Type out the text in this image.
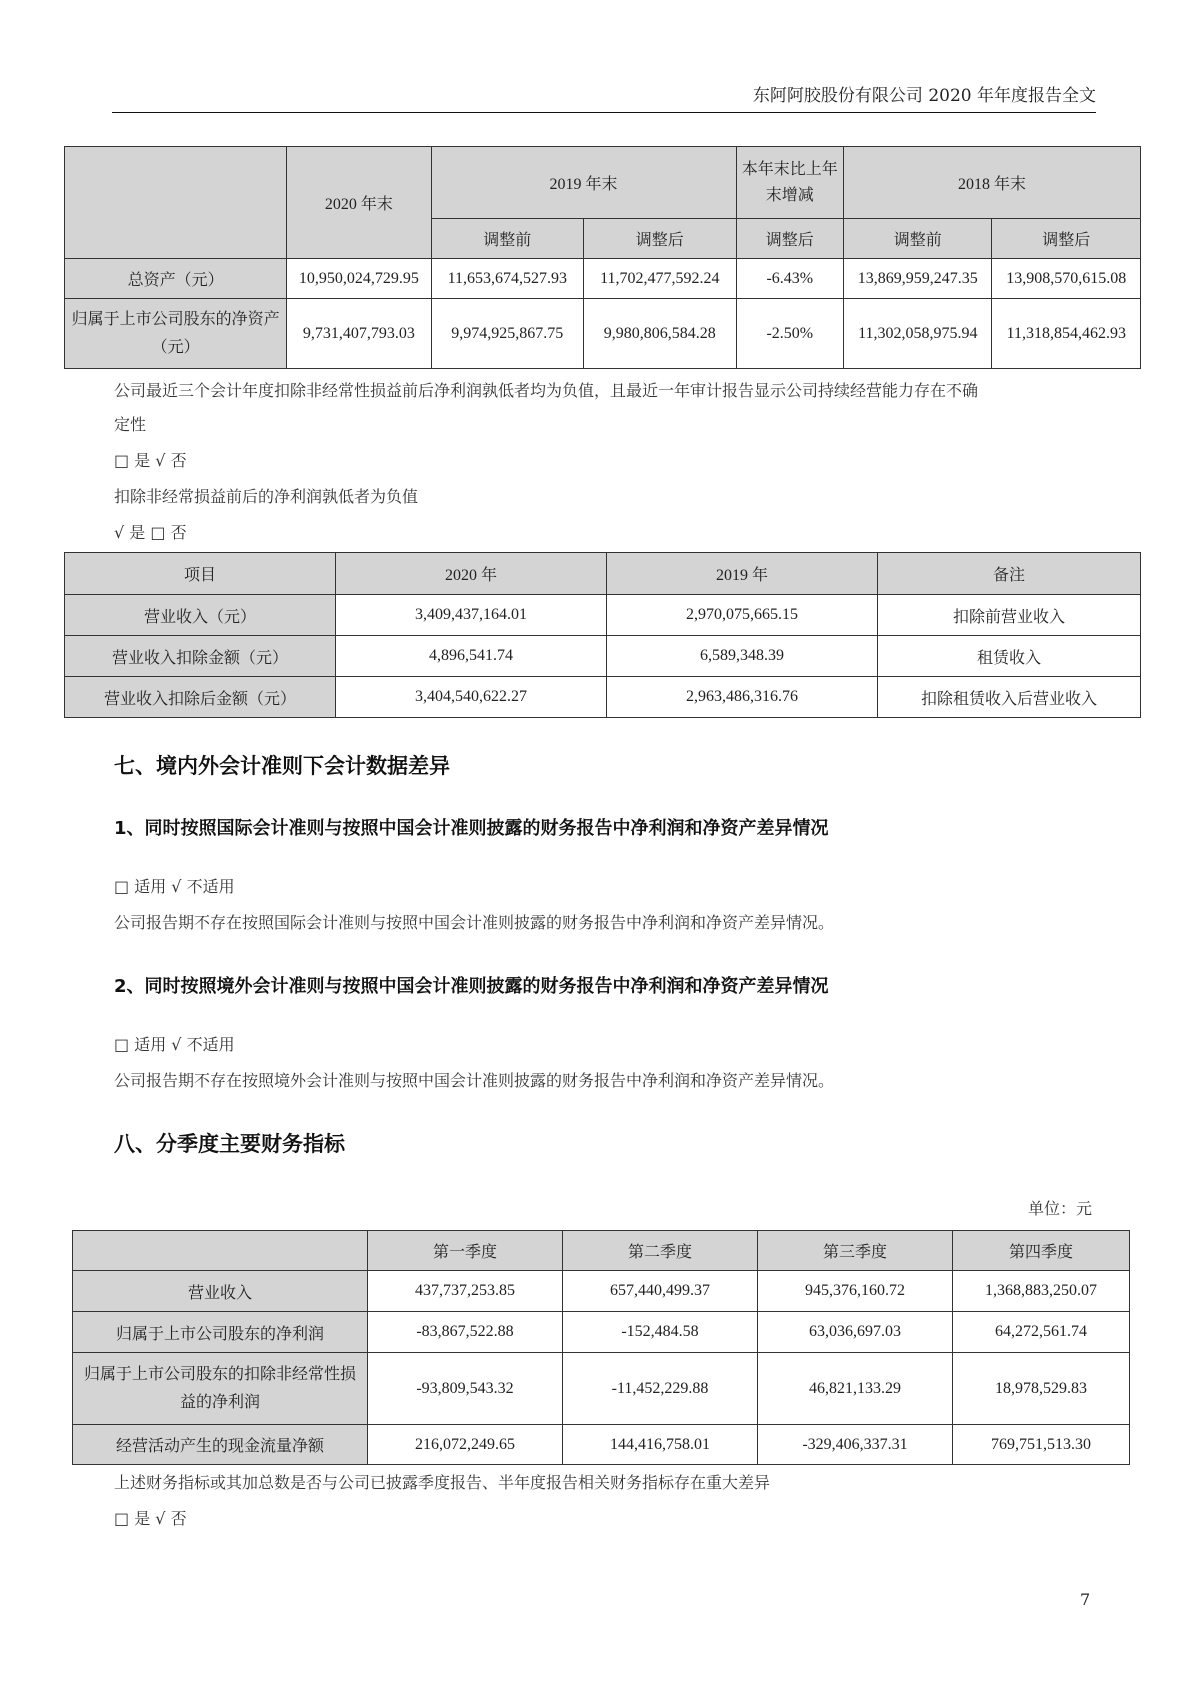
东阿阿胶股份有限公司 2020 年年度报告全文
	2020 年末	2019 年末		本年末比上年末增减	2018 年末	
		调整前	调整后	调整后	调整前	调整后
总资产（元）	10,950,024,729.95	11,653,674,527.93	11,702,477,592.24	-6.43%	13,869,959,247.35	13,908,570,615.08
归属于上市公司股东的净资产（元）	9,731,407,793.03	9,974,925,867.75	9,980,806,584.28	-2.50%	11,302,058,975.94	11,318,854,462.93
公司最近三个会计年度扣除非经常性损益前后净利润孰低者均为负值，且最近一年审计报告显示公司持续经营能力存在不确
定性
□ 是 √ 否
扣除非经常损益前后的净利润孰低者为负值
√ 是 □ 否
项目	2020 年	2019 年	备注
营业收入（元）	3,409,437,164.01	2,970,075,665.15	扣除前营业收入
营业收入扣除金额（元）	4,896,541.74	6,589,348.39	租赁收入
营业收入扣除后金额（元）	3,404,540,622.27	2,963,486,316.76	扣除租赁收入后营业收入
七、境内外会计准则下会计数据差异
1、同时按照国际会计准则与按照中国会计准则披露的财务报告中净利润和净资产差异情况
□ 适用 √ 不适用
公司报告期不存在按照国际会计准则与按照中国会计准则披露的财务报告中净利润和净资产差异情况。
2、同时按照境外会计准则与按照中国会计准则披露的财务报告中净利润和净资产差异情况
□ 适用 √ 不适用
公司报告期不存在按照境外会计准则与按照中国会计准则披露的财务报告中净利润和净资产差异情况。
八、分季度主要财务指标
单位：元
	第一季度	第二季度	第三季度	第四季度
营业收入	437,737,253.85	657,440,499.37	945,376,160.72	1,368,883,250.07
归属于上市公司股东的净利润	-83,867,522.88	-152,484.58	63,036,697.03	64,272,561.74
归属于上市公司股东的扣除非经常性损益的净利润	-93,809,543.32	-11,452,229.88	46,821,133.29	18,978,529.83
经营活动产生的现金流量净额	216,072,249.65	144,416,758.01	-329,406,337.31	769,751,513.30
上述财务指标或其加总数是否与公司已披露季度报告、半年度报告相关财务指标存在重大差异
□ 是 √ 否
7
